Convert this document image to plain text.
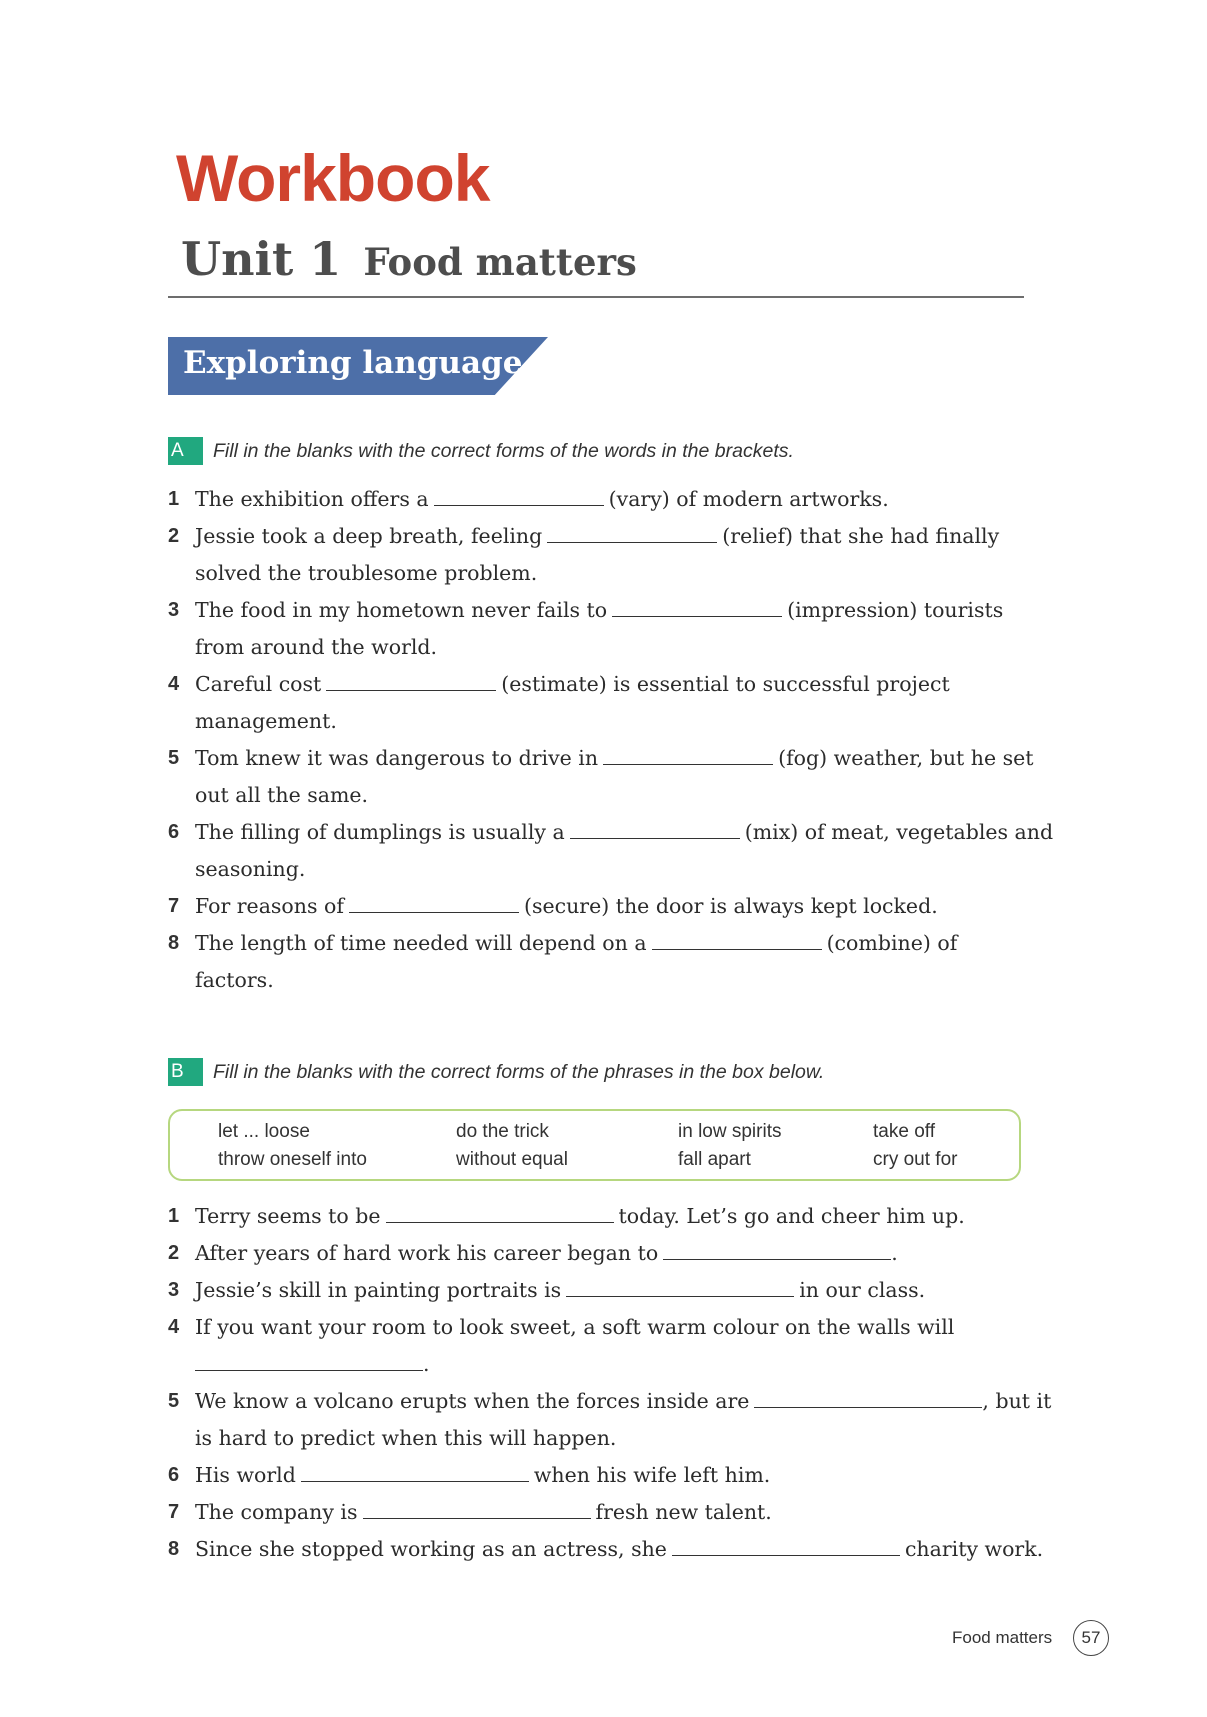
Workbook
Unit 1 Food matters
Exploring language
A	Fill in the blanks with the correct forms of the words in the brackets.
1 The exhibition offers a	(vary) of modern artworks.
2 Jessie took a deep breath, feeling	(relief) that she had finally solved the troublesome problem.
3 The food in my hometown never fails to	(impression) tourists from around the world.
4 Careful cost	(estimate) is essential to successful project management.
5 Tom knew it was dangerous to drive in	(fog) weather, but he set out all the same.
6 The filling of dumplings is usually a	(mix) of meat, vegetables and seasoning.
7 For reasons of	(secure) the door is always kept locked.
8 The length of time needed will depend on a	(combine) of factors.
B	Fill in the blanks with the correct forms of the phrases in the box below.
let ... loose	do the trick	in low spirits	take off
throw oneself into	without equal	fall apart	cry out for
1 Terry seems to be	today. Let’s go and cheer him up.
2 After years of hard work his career began to	.
3 Jessie’s skill in painting portraits is	in our class.
4 If you want your room to look sweet, a soft warm colour on the walls will.
5 We know a volcano erupts when the forces inside are	, but it is hard to predict when this will happen.
6 His world	when his wife left him.
7 The company is	fresh new talent.
8 Since she stopped working as an actress, she	charity work.
Food matters	57
